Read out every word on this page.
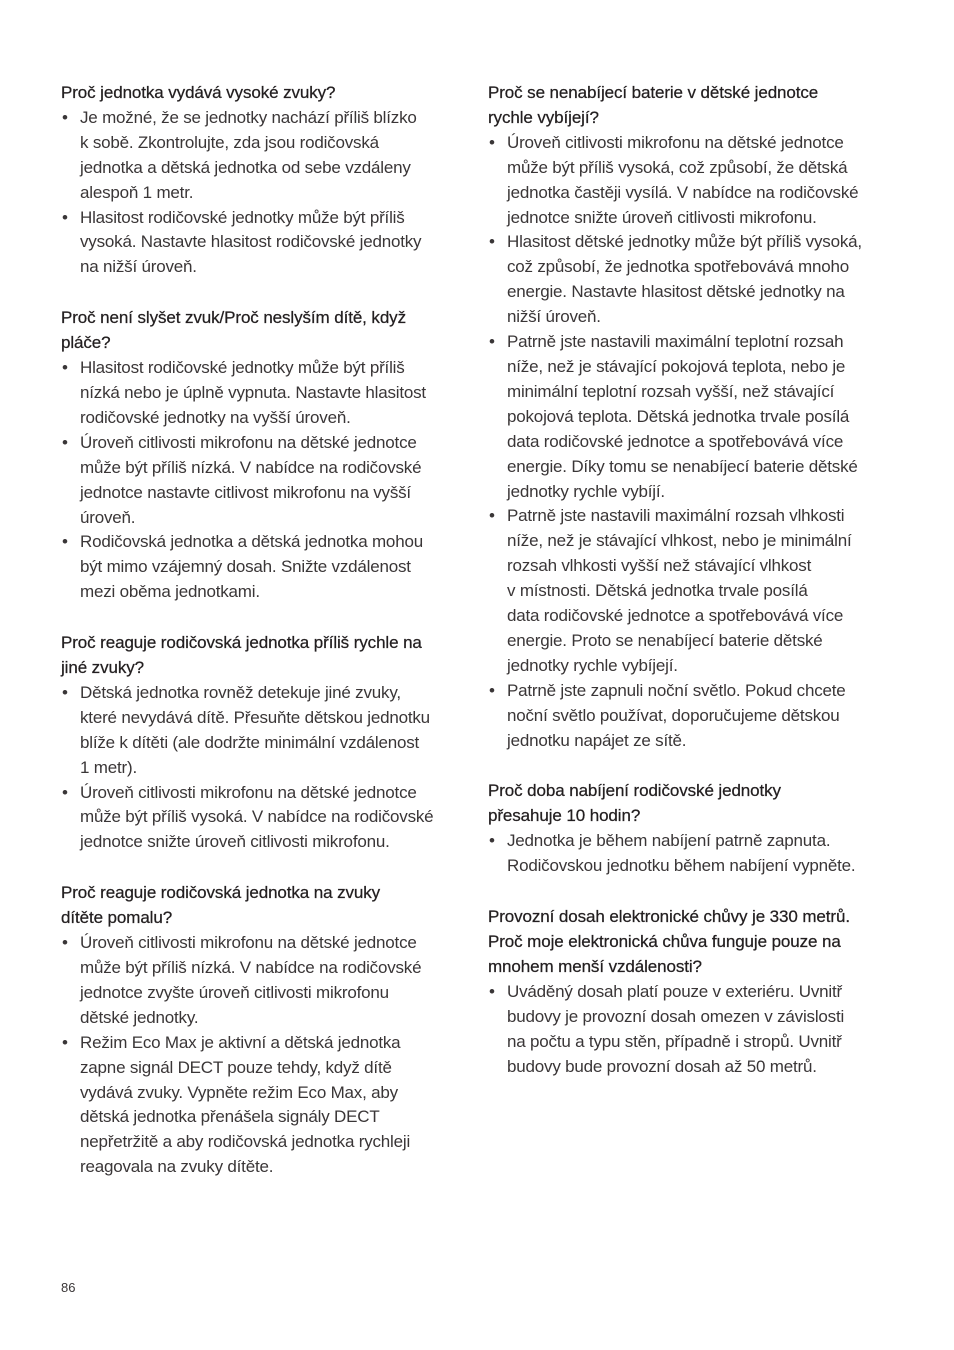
Proč jednotka vydává vysoké zvuky?
• Je možné, že se jednotky nachází příliš blízko
k sobě. Zkontrolujte, zda jsou rodičovská
jednotka a dětská jednotka od sebe vzdáleny
alespoň 1 metr.
• Hlasitost rodičovské jednotky může být příliš
vysoká. Nastavte hlasitost rodičovské jednotky
na nižší úroveň.
Proč není slyšet zvuk/Proč neslyším dítě, když
pláče?
• Hlasitost rodičovské jednotky může být příliš
nízká nebo je úplně vypnuta. Nastavte hlasitost
rodičovské jednotky na vyšší úroveň.
• Úroveň citlivosti mikrofonu na dětské jednotce
může být příliš nízká. V nabídce na rodičovské
jednotce nastavte citlivost mikrofonu na vyšší
úroveň.
• Rodičovská jednotka a dětská jednotka mohou
být mimo vzájemný dosah. Snižte vzdálenost
mezi oběma jednotkami.
Proč reaguje rodičovská jednotka příliš rychle na
jiné zvuky?
• Dětská jednotka rovněž detekuje jiné zvuky,
které nevydává dítě. Přesuňte dětskou jednotku
blíže k dítěti (ale dodržte minimální vzdálenost
1 metr).
• Úroveň citlivosti mikrofonu na dětské jednotce
může být příliš vysoká. V nabídce na rodičovské
jednotce snižte úroveň citlivosti mikrofonu.
Proč reaguje rodičovská jednotka na zvuky
dítěte pomalu?
• Úroveň citlivosti mikrofonu na dětské jednotce
může být příliš nízká. V nabídce na rodičovské
jednotce zvyšte úroveň citlivosti mikrofonu
dětské jednotky.
• Režim Eco Max je aktivní a dětská jednotka
zapne signál DECT pouze tehdy, když dítě
vydává zvuky. Vypněte režim Eco Max, aby
dětská jednotka přenášela signály DECT
nepřetržitě a aby rodičovská jednotka rychleji
reagovala na zvuky dítěte.
Proč se nenabíjecí baterie v dětské jednotce
rychle vybíjejí?
• Úroveň citlivosti mikrofonu na dětské jednotce
může být příliš vysoká, což způsobí, že dětská
jednotka častěji vysílá. V nabídce na rodičovské
jednotce snižte úroveň citlivosti mikrofonu.
• Hlasitost dětské jednotky může být příliš vysoká,
což způsobí, že jednotka spotřebovává mnoho
energie. Nastavte hlasitost dětské jednotky na
nižší úroveň.
• Patrně jste nastavili maximální teplotní rozsah
níže, než je stávající pokojová teplota, nebo je
minimální teplotní rozsah vyšší, než stávající
pokojová teplota. Dětská jednotka trvale posílá
data rodičovské jednotce a spotřebovává více
energie. Díky tomu se nenabíjecí baterie dětské
jednotky rychle vybíjí.
• Patrně jste nastavili maximální rozsah vlhkosti
níže, než je stávající vlhkost, nebo je minimální
rozsah vlhkosti vyšší než stávající vlhkost
v místnosti. Dětská jednotka trvale posílá
data rodičovské jednotce a spotřebovává více
energie. Proto se nenabíjecí baterie dětské
jednotky rychle vybíjejí.
• Patrně jste zapnuli noční světlo. Pokud chcete
noční světlo používat, doporučujeme dětskou
jednotku napájet ze sítě.
Proč doba nabíjení rodičovské jednotky
přesahuje 10 hodin?
• Jednotka je během nabíjení patrně zapnuta.
Rodičovskou jednotku během nabíjení vypněte.
Provozní dosah elektronické chůvy je 330 metrů.
Proč moje elektronická chůva funguje pouze na
mnohem menší vzdálenosti?
• Uváděný dosah platí pouze v exteriéru. Uvnitř
budovy je provozní dosah omezen v závislosti
na počtu a typu stěn, případně i stropů. Uvnitř
budovy bude provozní dosah až 50 metrů.
86
